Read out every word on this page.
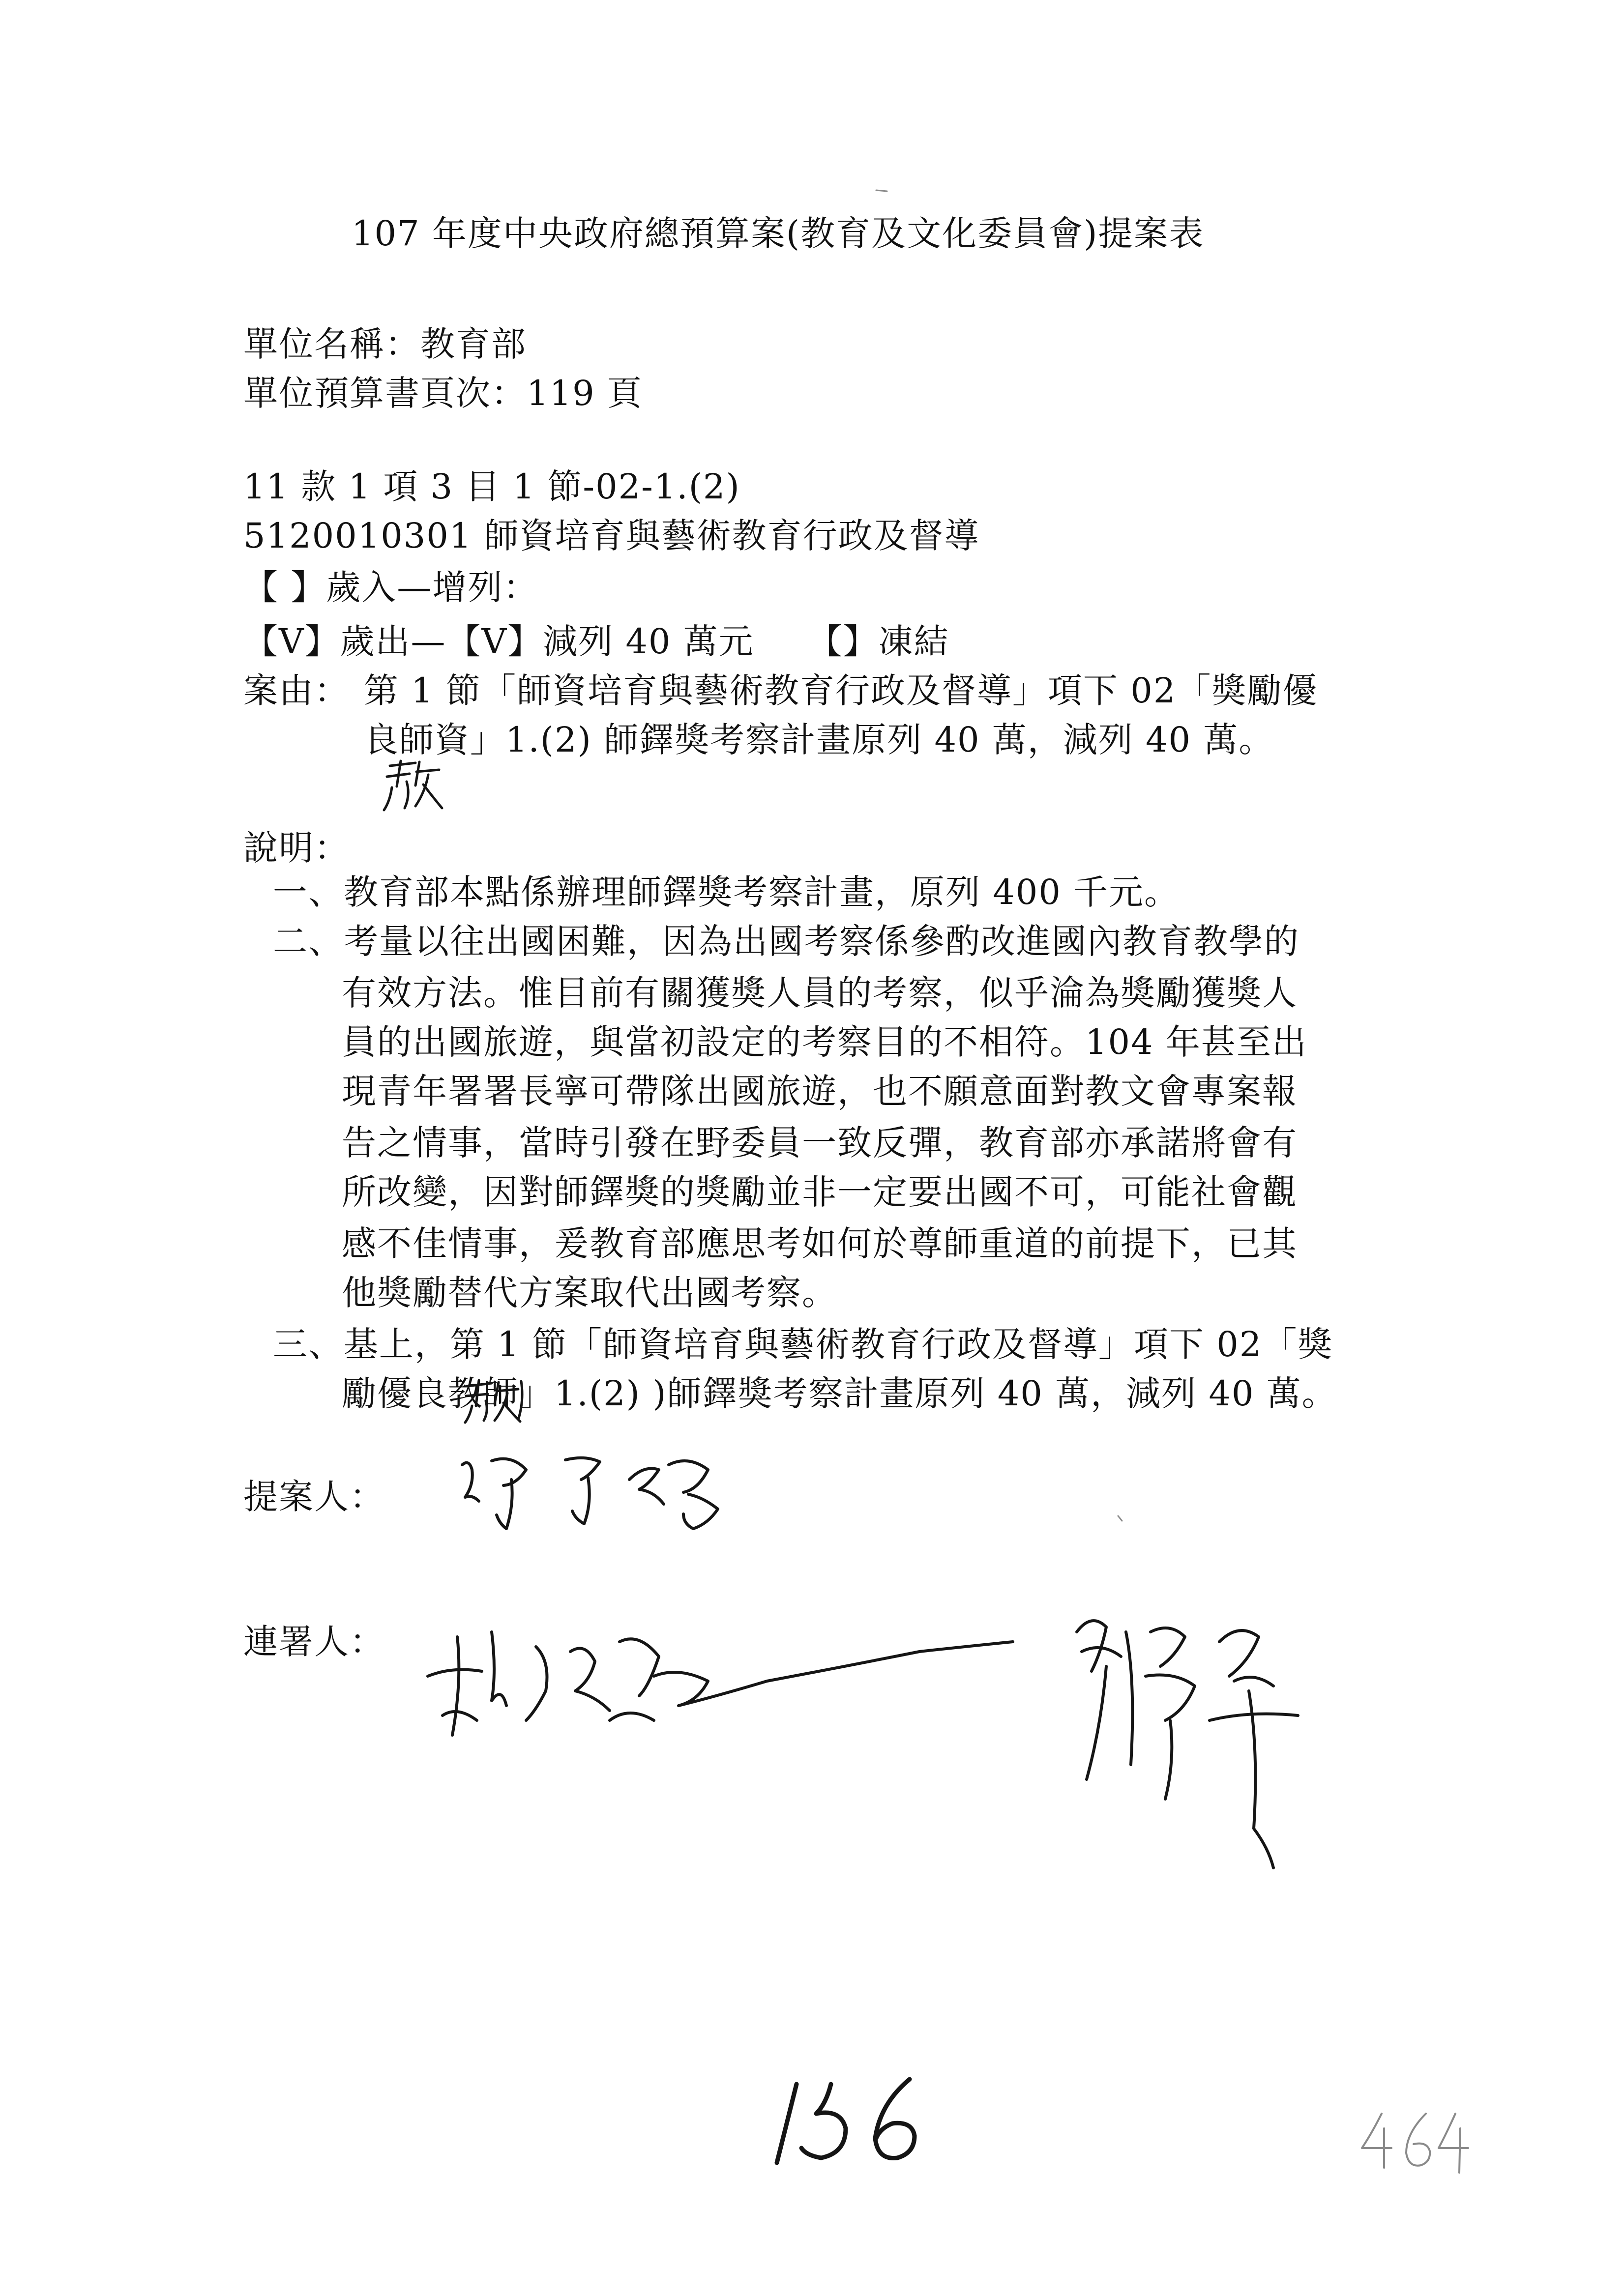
107 年度中央政府總預算案(教育及文化委員會)提案表
單位名稱：教育部
單位預算書頁次：119 頁
11 款 1 項 3 目 1 節-02-1.(2)
5120010301 師資培育與藝術教育行政及督導
【 】歲入—增列：
【V】歲出—【V】減列 40 萬元　　【】凍結
案由： 第 1 節「師資培育與藝術教育行政及督導」項下 02「獎勵優
良師資」1.(2) 師鐸獎考察計畫原列 40 萬，減列 40 萬。
說明：
一、教育部本點係辦理師鐸獎考察計畫，原列 400 千元。
二、考量以往出國困難，因為出國考察係參酌改進國內教育教學的
有效方法。惟目前有關獲獎人員的考察，似乎淪為獎勵獲獎人
員的出國旅遊，與當初設定的考察目的不相符。104 年甚至出
現青年署署長寧可帶隊出國旅遊，也不願意面對教文會專案報
告之情事，當時引發在野委員一致反彈，教育部亦承諾將會有
所改變，因對師鐸獎的獎勵並非一定要出國不可，可能社會觀
感不佳情事，爰教育部應思考如何於尊師重道的前提下，已其
他獎勵替代方案取代出國考察。
三、基上，第 1 節「師資培育與藝術教育行政及督導」項下 02「獎
勵優良教師」1.(2) )師鐸獎考察計畫原列 40 萬，減列 40 萬。
提案人：
連署人：
